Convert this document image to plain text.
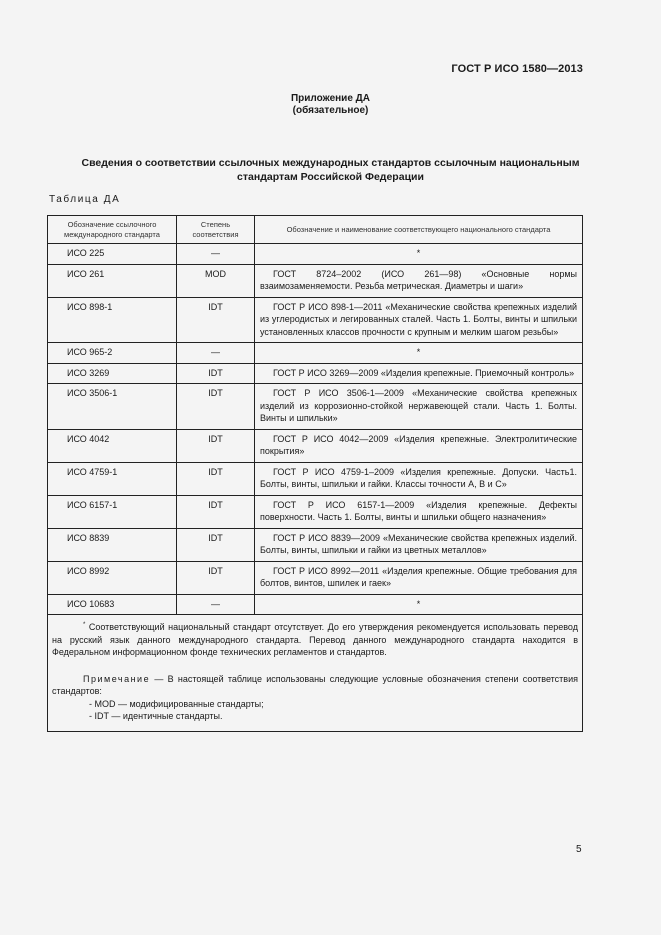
ГОСТ Р ИСО 1580—2013
Приложение ДА
(обязательное)
Сведения о соответствии ссылочных международных стандартов ссылочным национальным
стандартам Российской Федерации
Таблица ДА
Обозначение ссылочного международного стандарта	Степень соответствия	Обозначение и наименование соответствующего национального стандарта
ИСО 225	—	*
ИСО 261	MOD	ГОСТ 8724–2002 (ИСО 261—98) «Основные нормы взаимозаменяемости. Резьба метрическая. Диаметры и шаги»

ИСО 898-1	IDT	ГОСТ Р ИСО 898-1—2011 «Механические свойства крепежных изделий из углеродистых и легированных сталей. Часть 1. Болты, винты и шпильки установленных классов прочности с крупным и мелким шагом резьбы»

ИСО 965-2	—	*
ИСО 3269	IDT	ГОСТ Р ИСО 3269—2009 «Изделия крепежные. Приемочный контроль»

ИСО 3506-1	IDT	ГОСТ Р ИСО 3506-1—2009 «Механические свойства крепежных изделий из коррозионно-стойкой нержавеющей стали. Часть 1. Болты. Винты и шпильки»

ИСО 4042	IDT	ГОСТ Р ИСО 4042—2009 «Изделия крепежные. Электролитические покрытия»

ИСО 4759-1	IDT	ГОСТ Р ИСО 4759-1–2009 «Изделия крепежные. Допуски. Часть1. Болты, винты, шпильки и гайки. Классы точности А, В и С»

ИСО 6157-1	IDT	ГОСТ Р ИСО 6157-1—2009 «Изделия крепежные. Дефекты поверхности. Часть 1. Болты, винты и шпильки общего назначения»

ИСО 8839	IDT	ГОСТ Р ИСО 8839—2009 «Механические свойства крепежных изделий. Болты, винты, шпильки и гайки из цветных металлов»

ИСО 8992	IDT	ГОСТ Р ИСО 8992—2011 «Изделия крепежные. Общие требования для болтов, винтов, шпилек и гаек»

ИСО 10683	—	*

* Соответствующий национальный стандарт отсутствует. До его утверждения рекомендуется использовать перевод на русский язык данного международного стандарта. Перевод данного международного стандарта находится в Федеральном информационном фонде технических регламентов и стандартов.

Примечание — В настоящей таблице использованы следующие условные обозначения степени соответствия стандартов:

- MOD — модифицированные стандарты;

- IDT — идентичные стандарты.		

5
